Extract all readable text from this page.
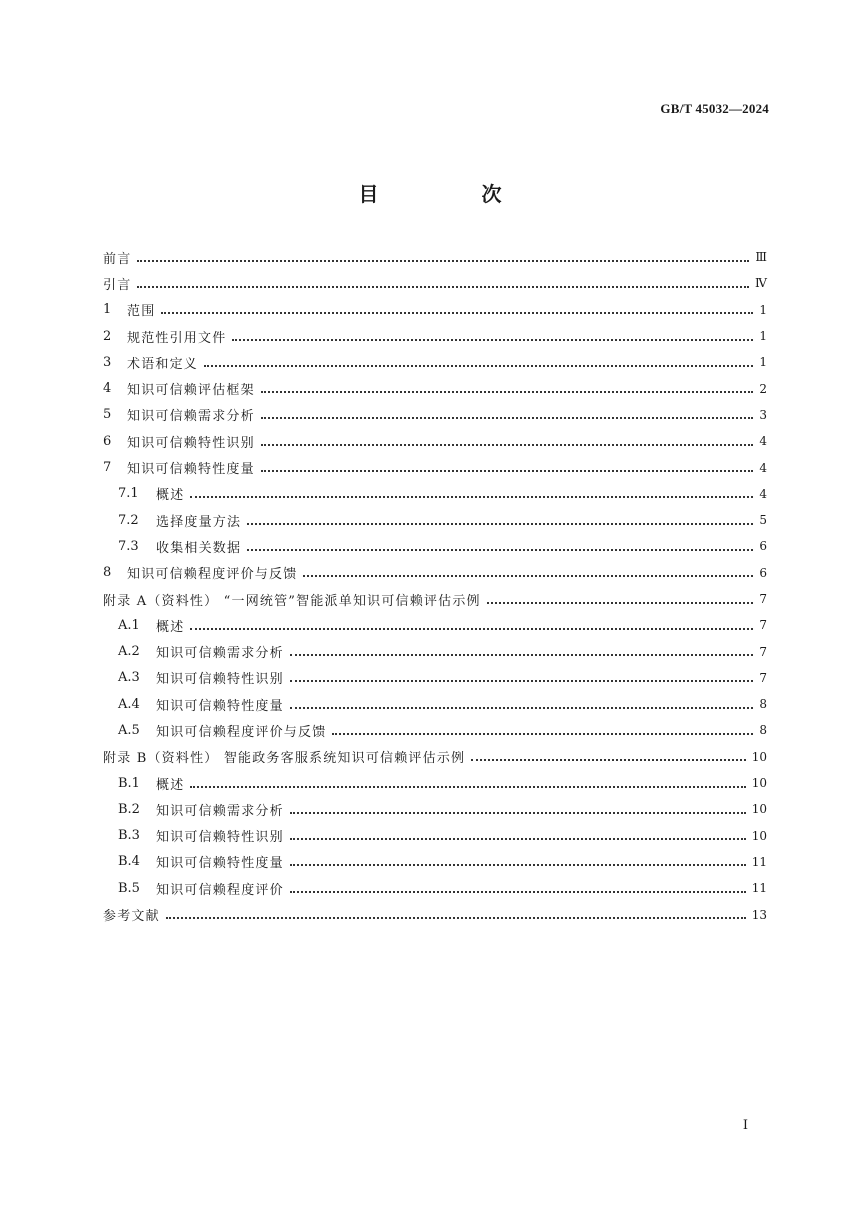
GB/T 45032—2024
目 次
前言	Ⅲ
引言	Ⅳ
1	范围	1
2	规范性引用文件	1
3	术语和定义	1
4	知识可信赖评估框架	2
5	知识可信赖需求分析	3
6	知识可信赖特性识别	4
7	知识可信赖特性度量	4
7.1	概述	4
7.2	选择度量方法	5
7.3	收集相关数据	6
8	知识可信赖程度评价与反馈	6
附录 A（资料性） “一网统管”智能派单知识可信赖评估示例	7
A.1	概述	7
A.2	知识可信赖需求分析	7
A.3	知识可信赖特性识别	7
A.4	知识可信赖特性度量	8
A.5	知识可信赖程度评价与反馈	8
附录 B（资料性） 智能政务客服系统知识可信赖评估示例	10
B.1	概述	10
B.2	知识可信赖需求分析	10
B.3	知识可信赖特性识别	10
B.4	知识可信赖特性度量	11
B.5	知识可信赖程度评价	11
参考文献	13
I
